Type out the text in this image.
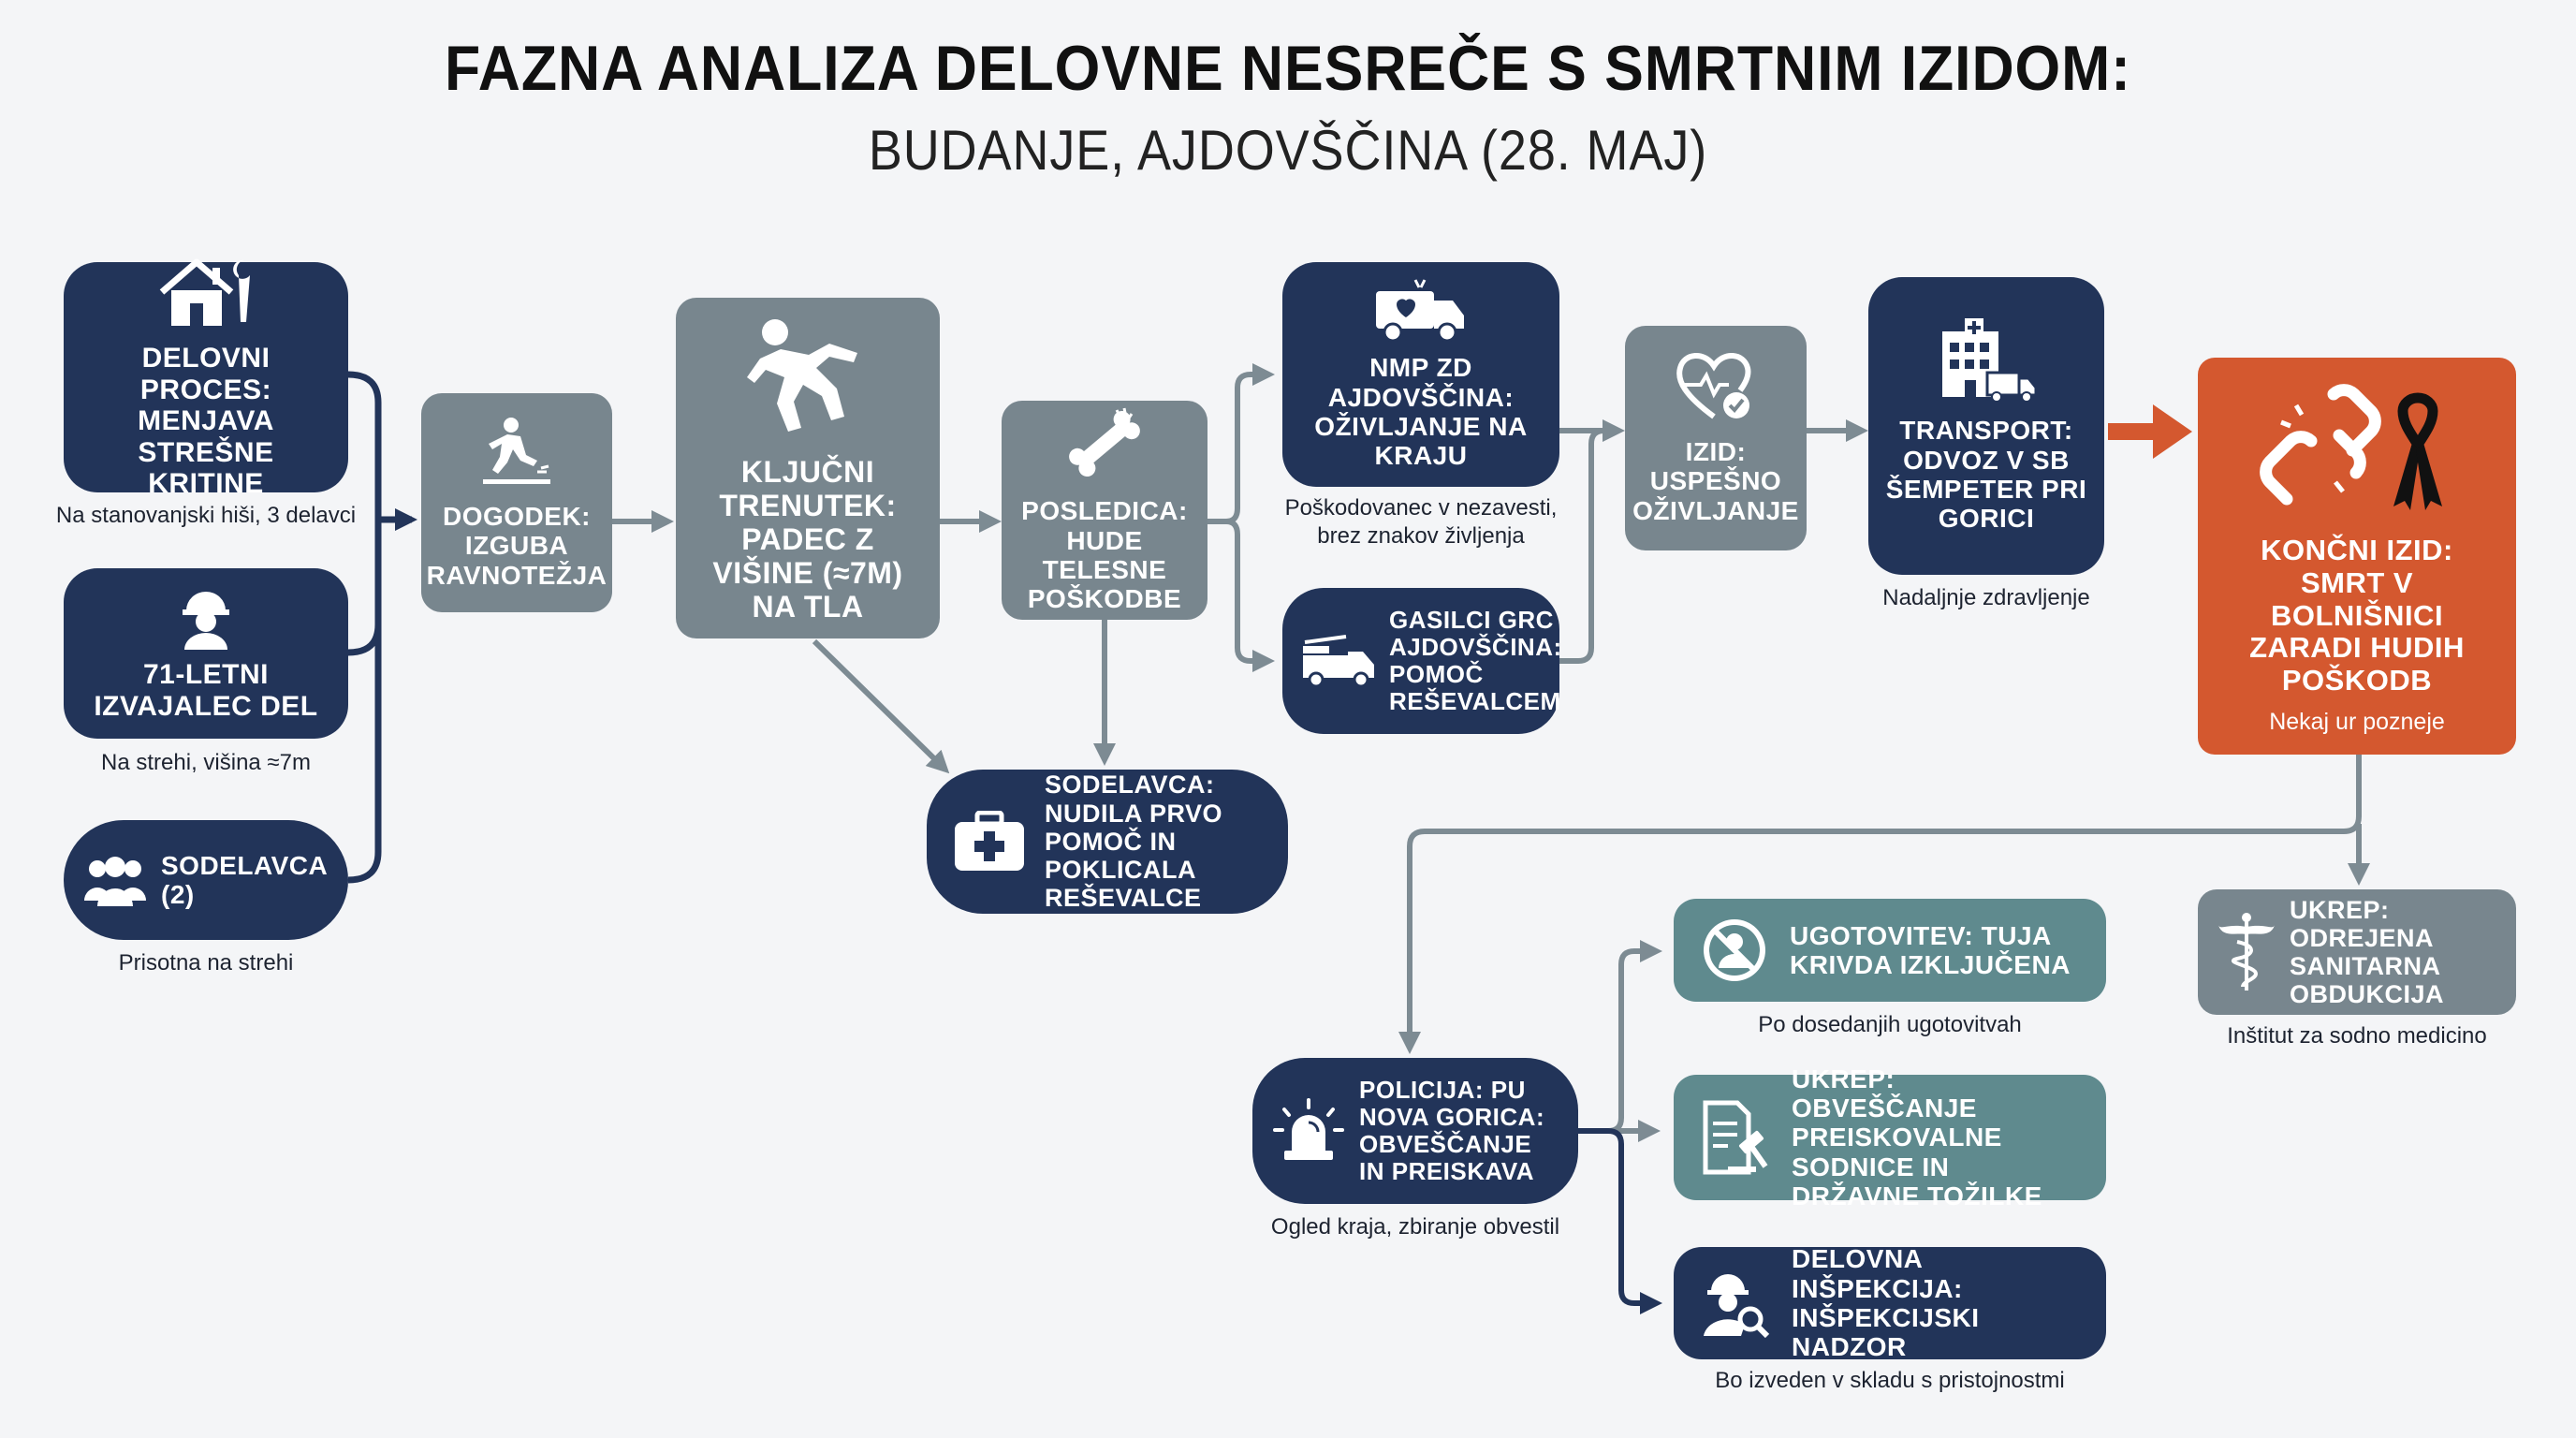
FAZNA ANALIZA DELOVNE NESREČE S SMRTNIM IZIDOM:
BUDANJE, AJDOVŠČINA (28. MAJ)
DELOVNI PROCES: MENJAVA STREŠNE KRITINE
Na stanovanjski hiši, 3 delavci
71-LETNI IZVAJALEC DEL
Na strehi, višina ≈7m
SODELAVCA (2)
Prisotna na strehi
DOGODEK: IZGUBA RAVNOTEŽJA
KLJUČNI TRENUTEK: PADEC Z VIŠINE (≈7M) NA TLA
POSLEDICA: HUDE TELESNE POŠKODBE
SODELAVCA: NUDILA PRVO POMOČ IN POKLICALA REŠEVALCE
NMP ZD AJDOVŠČINA: OŽIVLJANJE NA KRAJU
Poškodovanec v nezavesti, brez znakov življenja
GASILCI GRC AJDOVŠČINA: POMOČ REŠEVALCEM
IZID: USPEŠNO OŽIVLJANJE
TRANSPORT: ODVOZ V SB ŠEMPETER PRI GORICI
Nadaljnje zdravljenje
KONČNI IZID: SMRT V BOLNIŠNICI ZARADI HUDIH POŠKODB
Nekaj ur pozneje
UKREP: ODREJENA SANITARNA OBDUKCIJA
Inštitut za sodno medicino
POLICIJA: PU NOVA GORICA: OBVEŠČANJE IN PREISKAVA
Ogled kraja, zbiranje obvestil
UGOTOVITEV: TUJA KRIVDA IZKLJUČENA
Po dosedanjih ugotovitvah
UKREP: OBVEŠČANJE PREISKOVALNE SODNICE IN DRŽAVNE TOŽILKE
DELOVNA INŠPEKCIJA: INŠPEKCIJSKI NADZOR
Bo izveden v skladu s pristojnostmi
